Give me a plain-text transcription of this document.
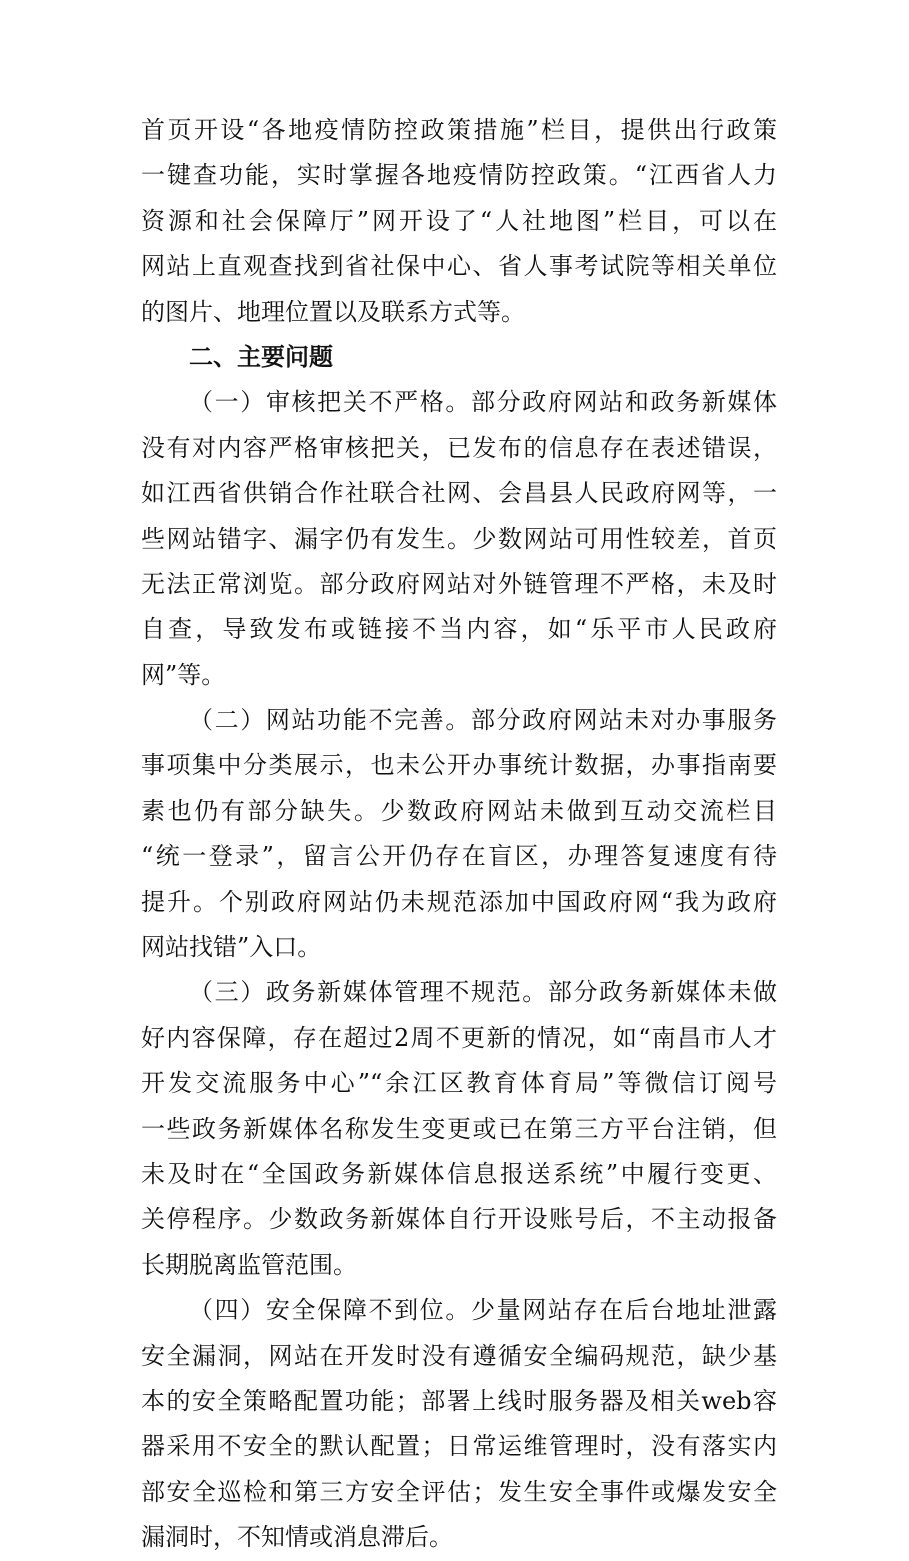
首页开设“各地疫情防控政策措施”栏目，提供出行政策
一键查功能，实时掌握各地疫情防控政策。“江西省人力
资源和社会保障厅”网开设了“人社地图”栏目，可以在
网站上直观查找到省社保中心、省人事考试院等相关单位
的图片、地理位置以及联系方式等。
二、主要问题
（一）审核把关不严格。部分政府网站和政务新媒体
没有对内容严格审核把关，已发布的信息存在表述错误，
如江西省供销合作社联合社网、会昌县人民政府网等，一
些网站错字、漏字仍有发生。少数网站可用性较差，首页
无法正常浏览。部分政府网站对外链管理不严格，未及时
自查，导致发布或链接不当内容，如“乐平市人民政府
网”等。
（二）网站功能不完善。部分政府网站未对办事服务
事项集中分类展示，也未公开办事统计数据，办事指南要
素也仍有部分缺失。少数政府网站未做到互动交流栏目
“统一登录”，留言公开仍存在盲区，办理答复速度有待
提升。个别政府网站仍未规范添加中国政府网“我为政府
网站找错”入口。
（三）政务新媒体管理不规范。部分政务新媒体未做
好内容保障，存在超过2周不更新的情况，如“南昌市人才
开发交流服务中心”“余江区教育体育局”等微信订阅号
一些政务新媒体名称发生变更或已在第三方平台注销，但
未及时在“全国政务新媒体信息报送系统”中履行变更、
关停程序。少数政务新媒体自行开设账号后，不主动报备
长期脱离监管范围。
（四）安全保障不到位。少量网站存在后台地址泄露
安全漏洞，网站在开发时没有遵循安全编码规范，缺少基
本的安全策略配置功能；部署上线时服务器及相关web容
器采用不安全的默认配置；日常运维管理时，没有落实内
部安全巡检和第三方安全评估；发生安全事件或爆发安全
漏洞时，不知情或消息滞后。
